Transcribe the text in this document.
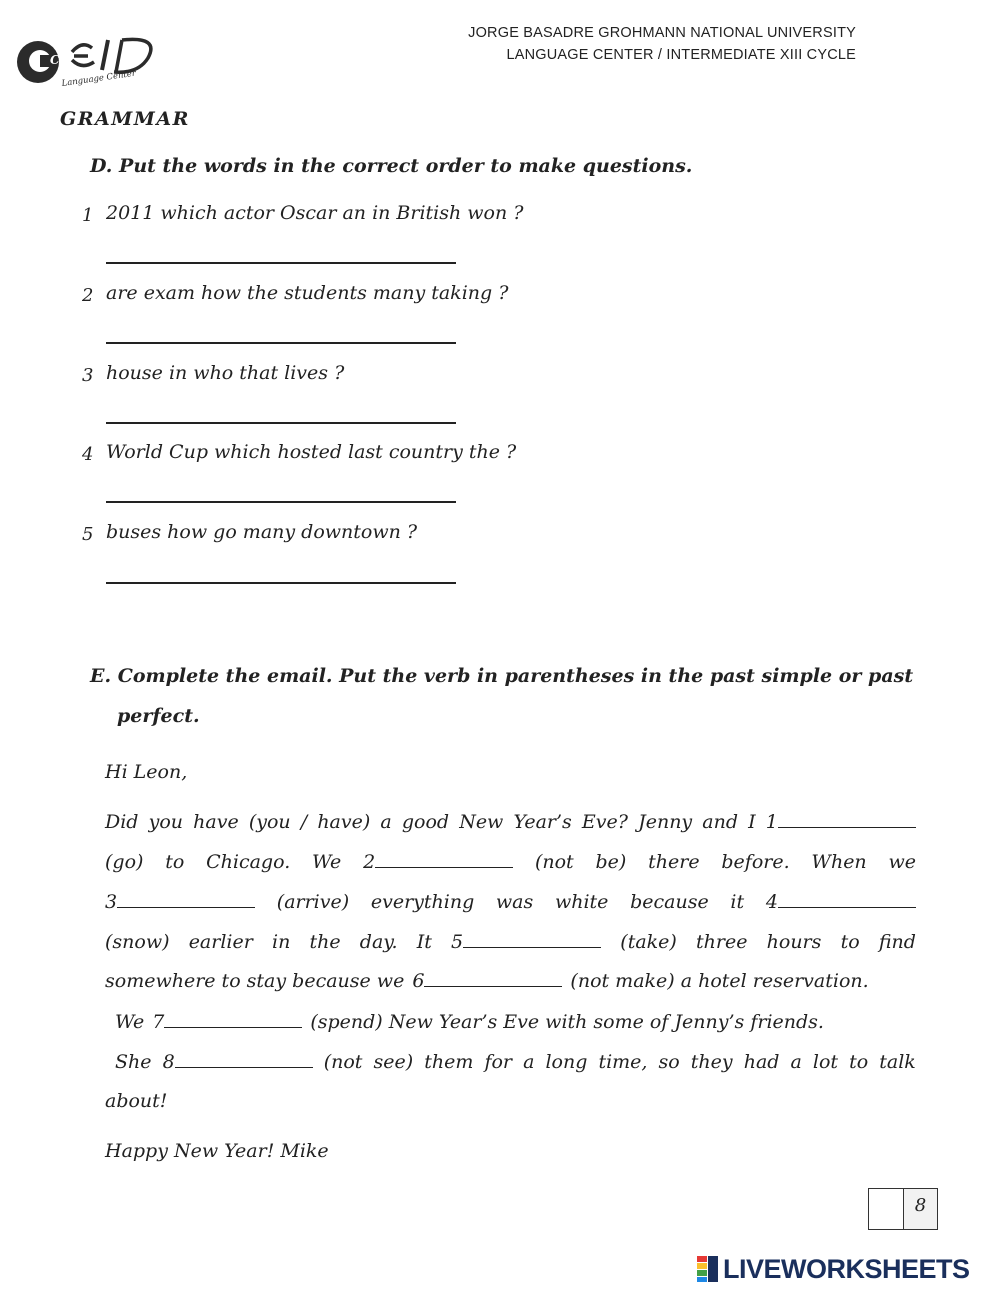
CEID
Language Center
JORGE BASADRE GROHMANN NATIONAL UNIVERSITY
LANGUAGE CENTER / INTERMEDIATE XIII CYCLE
GRAMMAR
D. Put the words in the correct order to make questions.
1 2011 which actor Oscar an in British won ?
2 are exam how the students many taking ?
3 house in who that lives ?
4 World Cup which hosted last country the ?
5 buses how go many downtown ?
E. Complete the email. Put the verb in parentheses in the past simple or past
perfect.
Hi Leon,
Did you have (you / have) a good New Year’s Eve? Jenny and I 1
(go) to Chicago. We 2	(not be) there before. When we
3	(arrive) everything was white because it 4
(snow) earlier in the day. It 5	(take) three hours to find
somewhere to stay because we 6	(not make) a hotel reservation.
We 7	(spend) New Year’s Eve with some of Jenny’s friends.
She 8	(not see) them for a long time, so they had a lot to talk
about!
Happy New Year! Mike
8
LIVEWORKSHEETS
